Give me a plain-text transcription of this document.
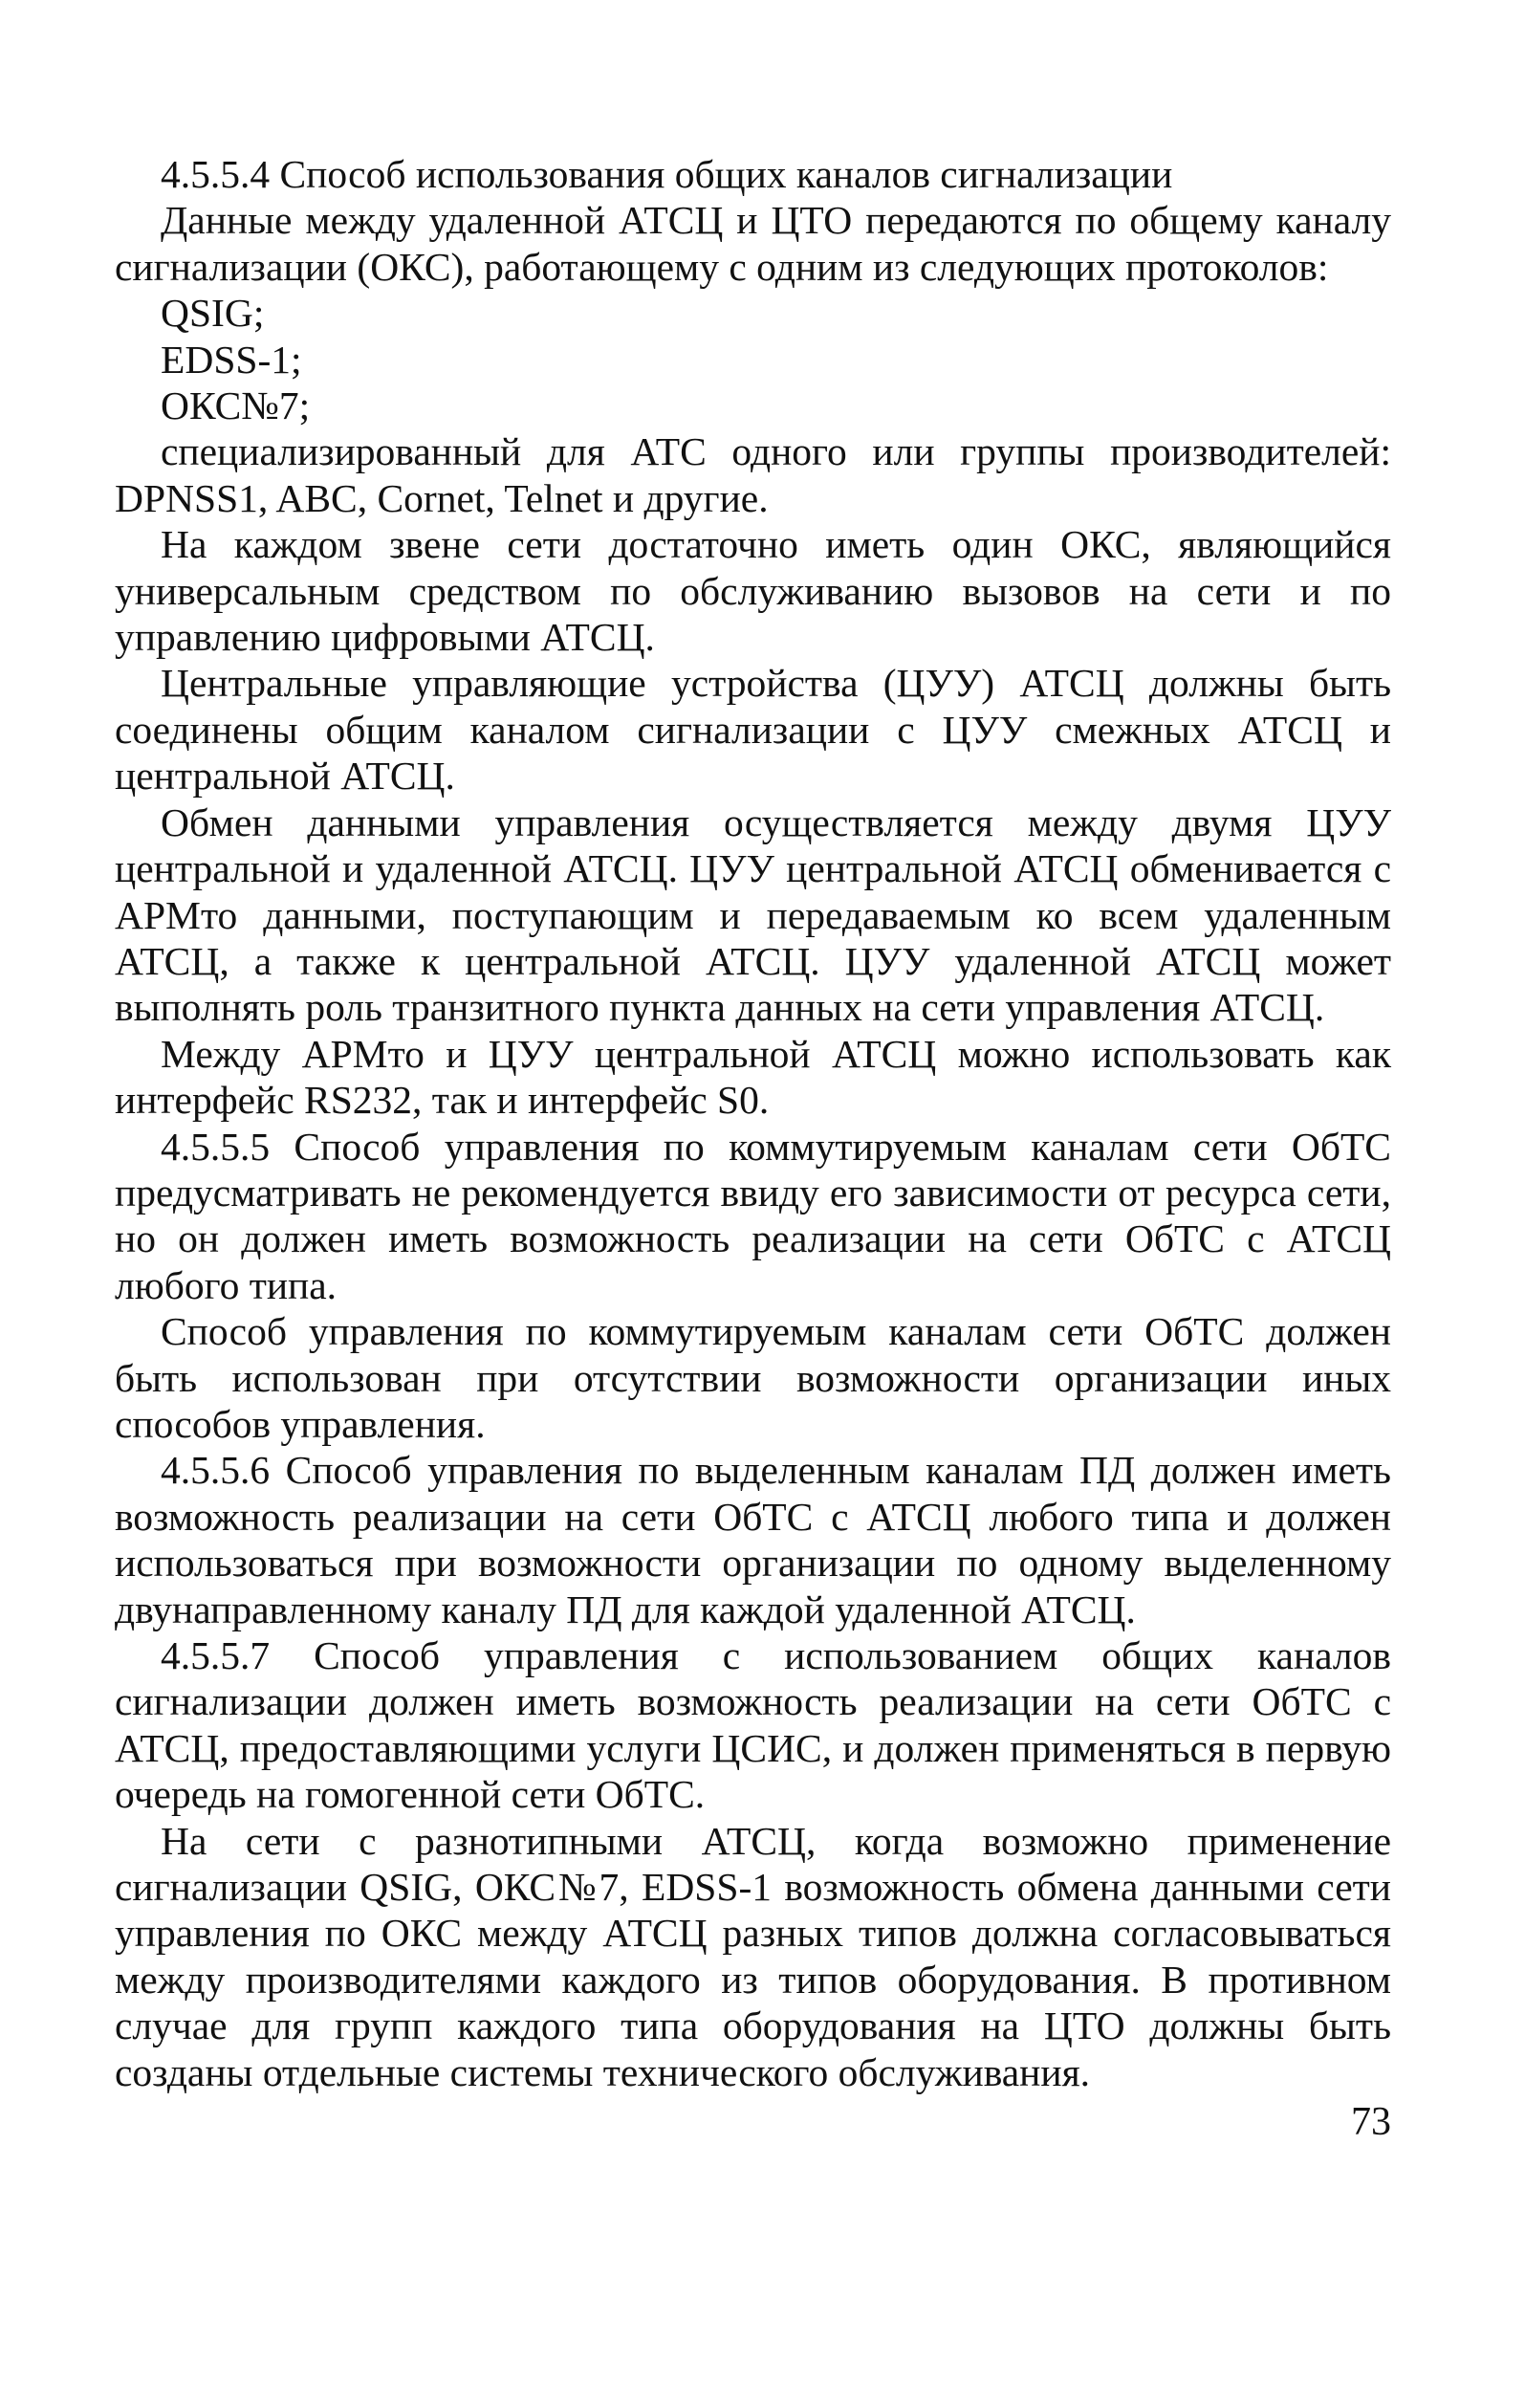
4.5.5.4 Способ использования общих каналов сигнализации

Данные между удаленной АТСЦ и ЦТО передаются по общему каналу сигнализации (ОКС), работающему с одним из следующих протоколов:

QSIG;

EDSS-1;

ОКС№7;

специализированный для АТС одного или группы производителей: DPNSS1, ABC, Cornet, Telnet и другие.

На каждом звене сети достаточно иметь один ОКС, являющийся универсальным средством по обслуживанию вызовов на сети и по управлению цифровыми АТСЦ.

Центральные управляющие устройства (ЦУУ) АТСЦ должны быть соединены общим каналом сигнализации с ЦУУ смежных АТСЦ и центральной АТСЦ.

Обмен данными управления осуществляется между двумя ЦУУ центральной и удаленной АТСЦ. ЦУУ центральной АТСЦ обменивается с АРМто данными, поступающим и передаваемым ко всем удаленным АТСЦ, а также к центральной АТСЦ. ЦУУ удаленной АТСЦ может выполнять роль транзитного пункта данных на сети управления АТСЦ.

Между АРМто и ЦУУ центральной АТСЦ можно использовать как интерфейс RS232, так и интерфейс S0.

4.5.5.5 Способ управления по коммутируемым каналам сети ОбТС предусматривать не рекомендуется ввиду его зависимости от ресурса сети, но он должен иметь возможность реализации на сети ОбТС с АТСЦ любого типа.

Способ управления по коммутируемым каналам сети ОбТС должен быть использован при отсутствии возможности организации иных способов управления.

4.5.5.6 Способ управления по выделенным каналам ПД должен иметь возможность реализации на сети ОбТС с АТСЦ любого типа и должен использоваться при возможности организации по одному выделенному двунаправленному каналу ПД для каждой удаленной АТСЦ.

4.5.5.7 Способ управления с использованием общих каналов сигнализации должен иметь возможность реализации на сети ОбТС с АТСЦ, предоставляющими услуги ЦСИС, и должен применяться в первую очередь на гомогенной сети ОбТС.

На сети с разнотипными АТСЦ, когда возможно применение сигнализации QSIG, ОКС№7, EDSS-1 возможность обмена данными сети управления по ОКС между АТСЦ разных типов должна согласовываться между производителями каждого из типов оборудования. В противном случае для групп каждого типа оборудования на ЦТО должны быть созданы отдельные системы технического обслуживания.

73
